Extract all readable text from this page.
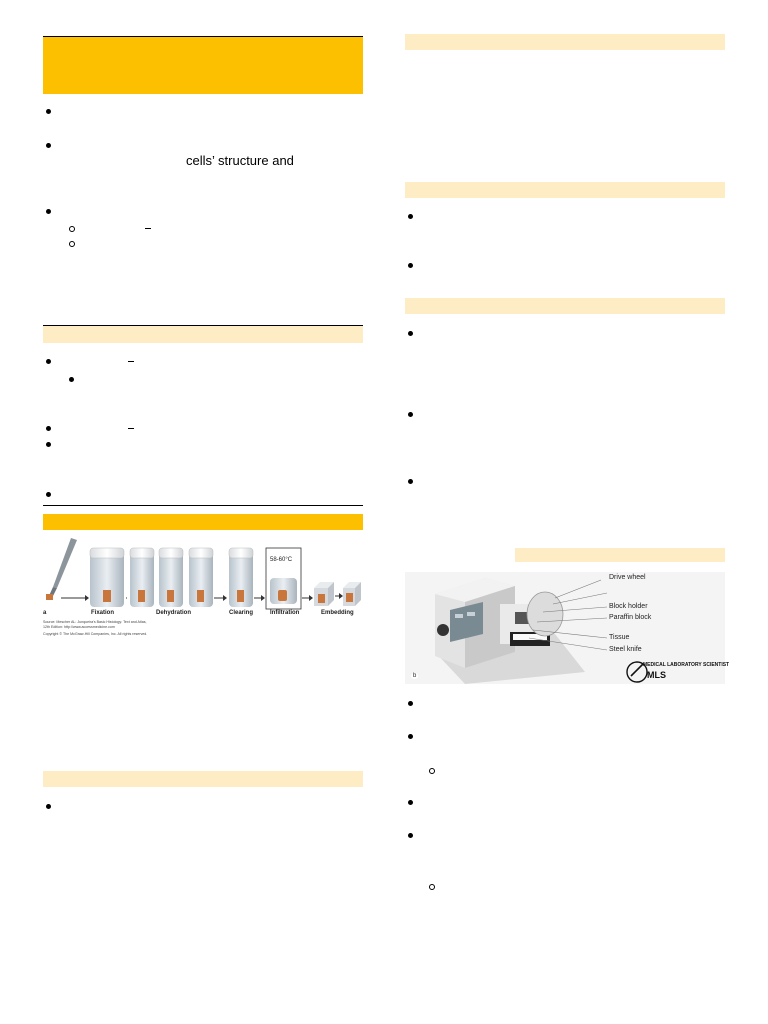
cells’ structure and
a	Fixation	Dehydration	Clearing	Infiltration	Embedding
58-60°C
Source: Mescher AL: Junqueira's Basic Histology: Text and Atlas,
12th Edition: http://www.accessmedicine.com
Copyright © The McGraw-Hill Companies, Inc. All rights reserved.
Drive wheel
Block holder
Paraffin block
Tissue
Steel knife
b
MEDICAL LABORATORY SCIENTIST
MLS
